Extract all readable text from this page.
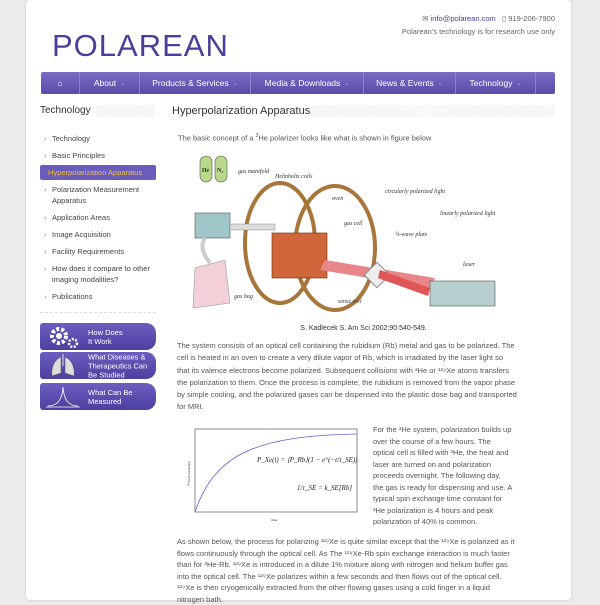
POLAREAN
✉ info@polarean.com ▯ 919-206-7900
Polarean's technology is for research use only
⌂	About ⌄	Products & Services ⌄	Media & Downloads ⌄	News & Events ⌄	Technology ⌄
Technology	Hyperpolarization Apparatus
› Technology
› Basic Principles
Hyperpolarization Apparatus
› Polarization Measurement Apparatus
› Application Areas
› Image Acquisition
› Facility Requirements
› How does it compare to other imaging modalities?
› Publications
How Does It Work
What Diseases & Therapeutics Can Be Studied
What Can Be Measured
The basic concept of a $^3$He polarizer looks like what is shown in figure below
He N₂ gas manifold
Helmholtz coils
oven
gas cell
circularly polarized light
linearly polarized light
¼-wave plate
laser
gas bag
sense coil
S. Kadlecek S. Am Sci 2002;90:540-549.
The system consists of an optical cell containing the rubidium (Rb) metal and gas to be polarized. The cell is heated in an oven to create a very dilute vapor of Rb, which is irradiated by the laser light so that its valence electrons become polarized. Subsequent collisions with ³He or ¹²⁹Xe atoms transfers the polarization to them. Once the process is complete, the rubidium is removed from the vapor phase by simple cooling, and the polarized gases can be dispensed into the plastic dose bag and transported for MRI.
¹²⁹Xe Polarization
time
P_Xe(t) = ⟨P_Rb⟩(1 − e^(−t/τ_SE))
1/τ_SE = k_SE[Rb]
For the ³He system, polarization builds up over the course of a few hours. The optical cell is filled with ³He, the heat and laser are turned on and polarization proceeds overnight. The following day, the gas is ready for dispensing and use. A typical spin exchange time constant for ³He polarization is 4 hours and peak polarization of 40% is common.
As shown below, the process for polarizing ¹²⁹Xe is quite similar except that the ¹²⁹Xe is polarized as it flows continuously through the optical cell. As The ¹²⁹Xe-Rb spin exchange interaction is much faster than for ³He-Rb. ¹²⁹Xe is introduced in a dilute 1% mixture along with nitrogen and helium buffer gas into the optical cell. The ¹²⁹Xe polarizes within a few seconds and then flows out of the optical cell. ¹²⁹Xe is then cryogenically extracted from the other flowing gases using a cold finger in a liquid nitrogen bath.
